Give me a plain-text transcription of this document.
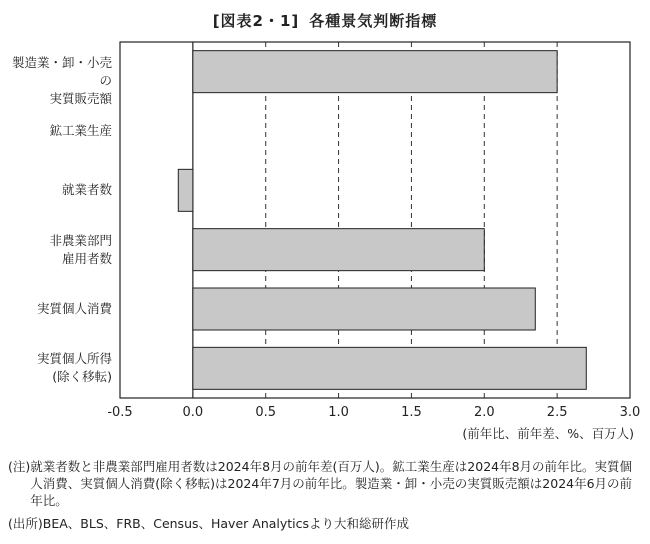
[図表2・1] 各種景気判断指標
-0.5	0.0	0.5	1.0	1.5	2.0	2.5	3.0
(前年比、前年差、%、百万人)
製造業・卸・小売の
実質販売額
鉱工業生産
就業者数
非農業部門
雇用者数
実質個人消費
実質個人所得
(除く移転)
(注) 就業者数と非農業部門雇用者数は2024年8月の前年差(百万人)。鉱工業生産は2024年8月の前年比。実質個人消費、実質個人消費(除く移転)は2024年7月の前年比。製造業・卸・小売の実質販売額は2024年6月の前年比。
(出所)BEA、BLS、FRB、Census、Haver Analyticsより大和総研作成
